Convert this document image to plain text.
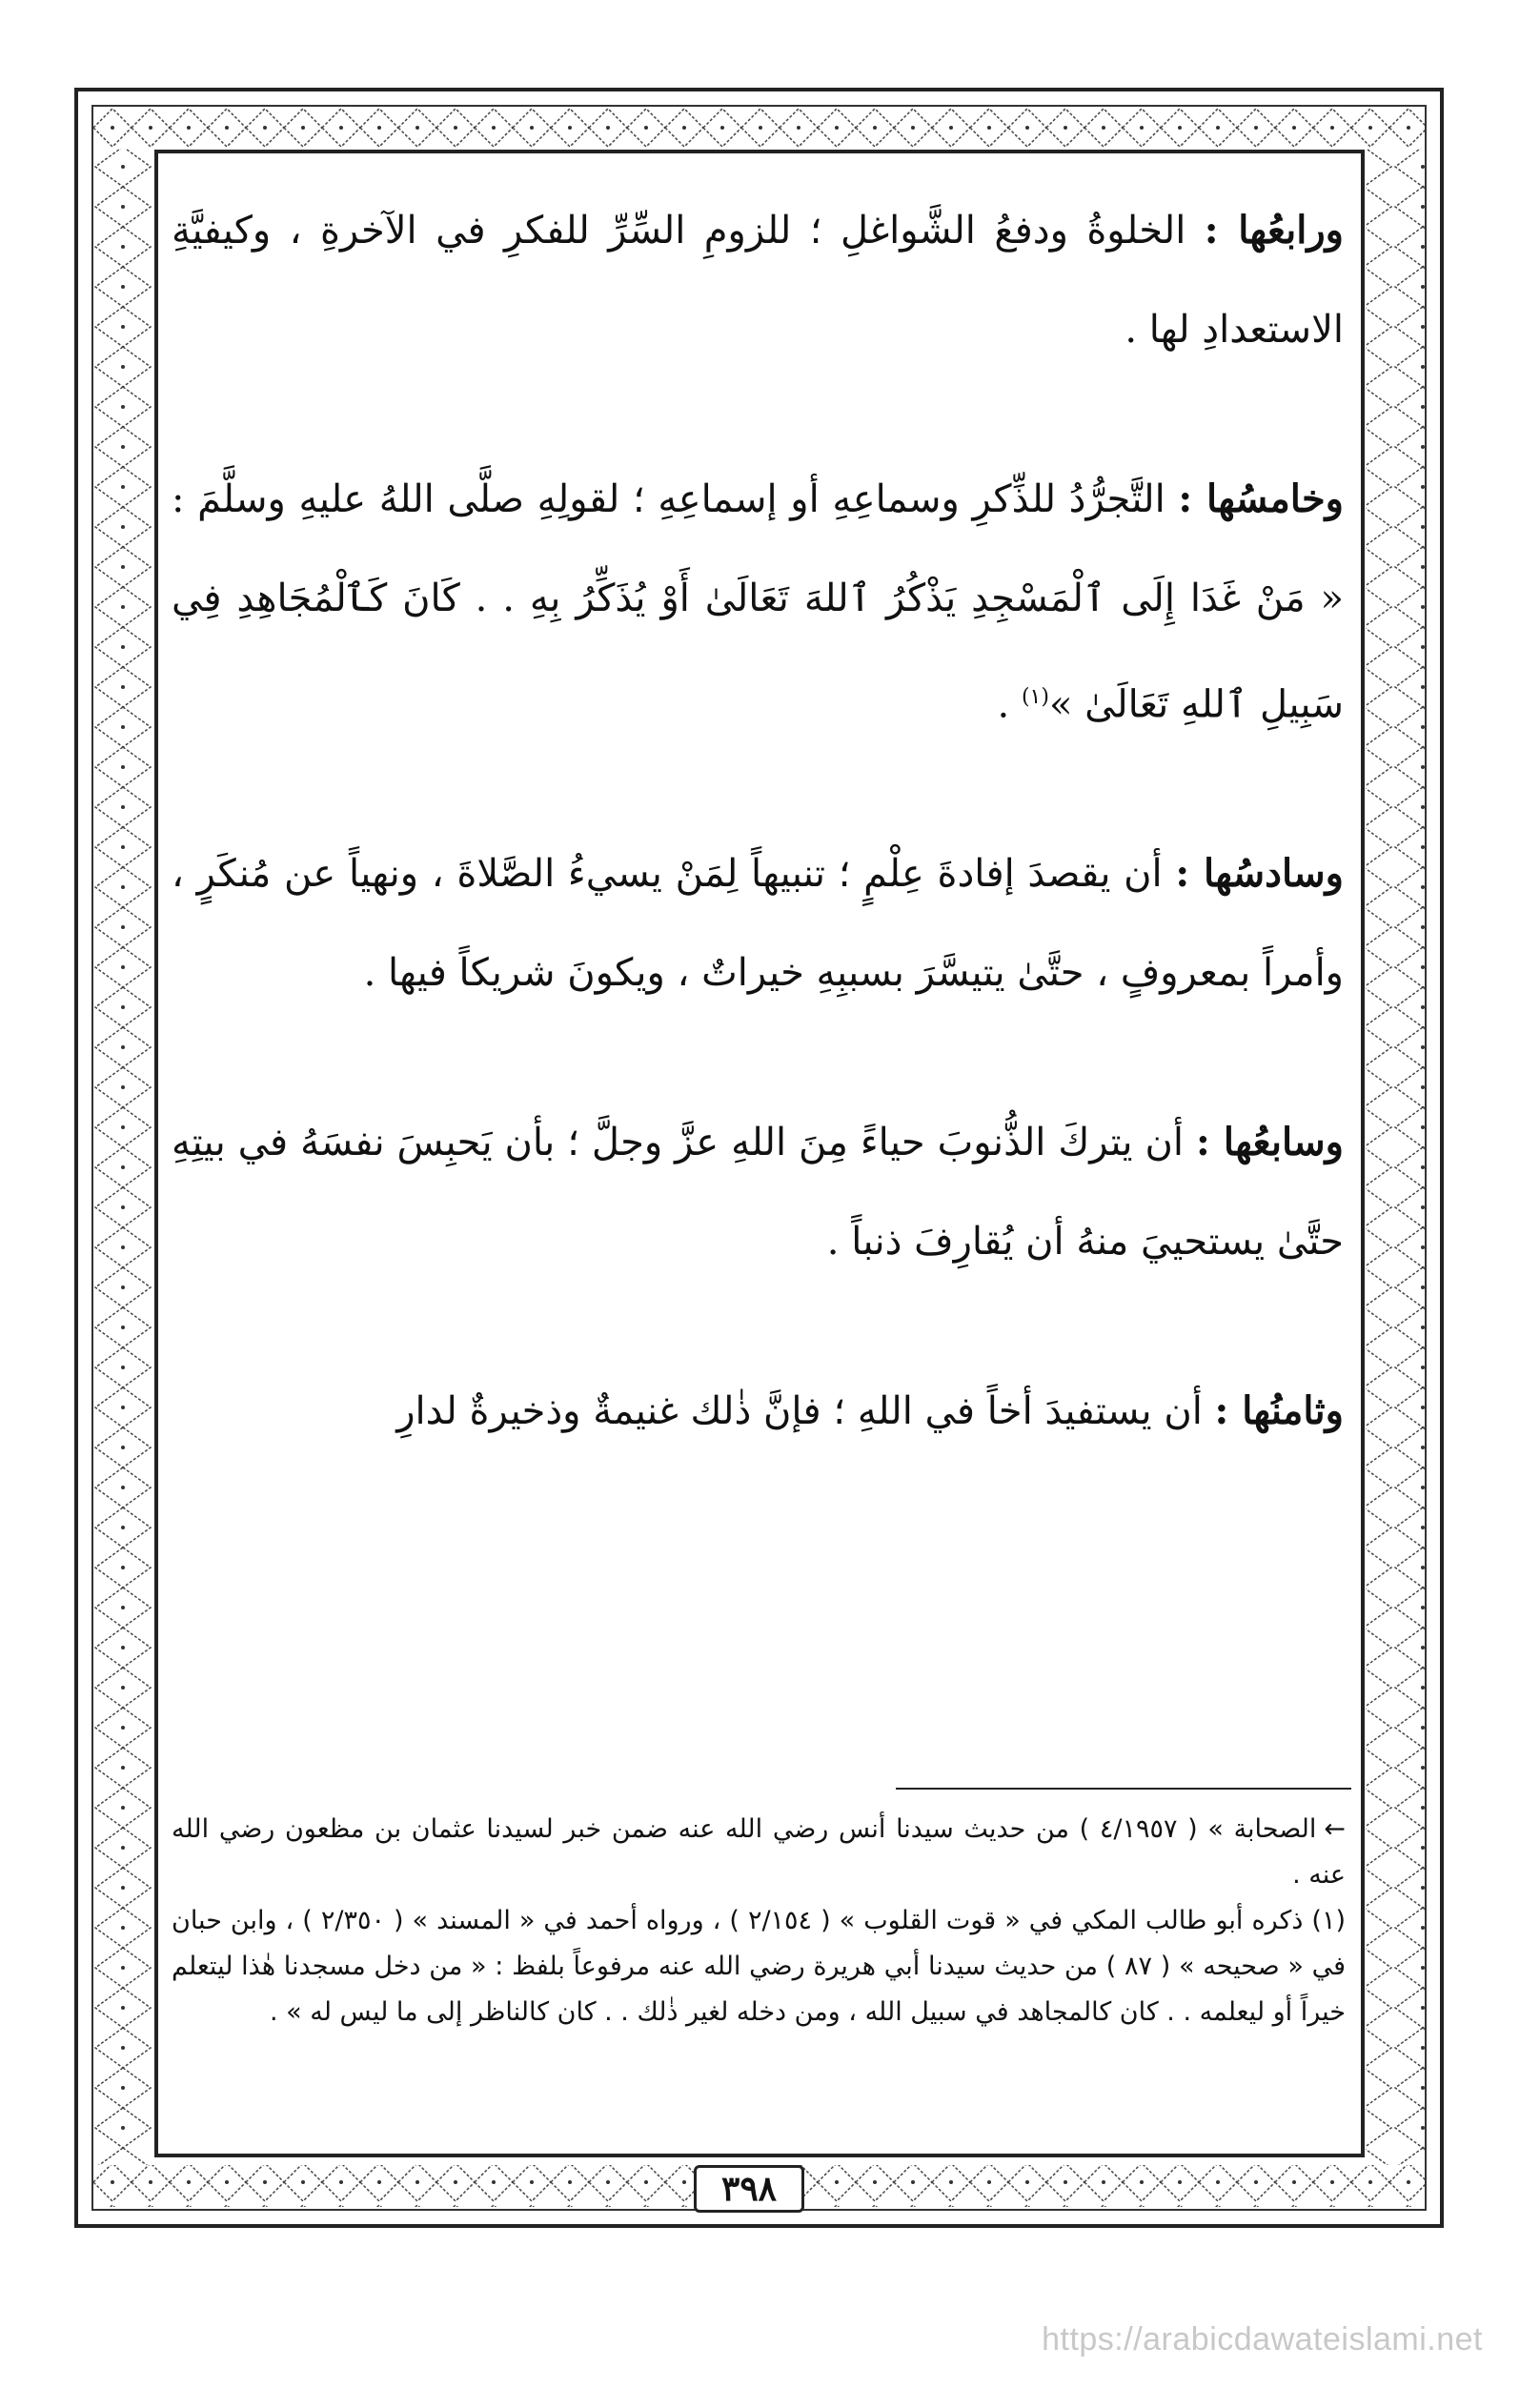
ورابعُها : الخلوةُ ودفعُ الشَّواغلِ ؛ للزومِ السِّرِّ للفكرِ في الآخرةِ ، وكيفيَّةِ الاستعدادِ لها .

وخامسُها : التَّجرُّدُ للذِّكرِ وسماعِهِ أو إسماعِهِ ؛ لقولِهِ صلَّى اللهُ عليهِ وسلَّمَ : « مَنْ غَدَا إِلَى ٱلْمَسْجِدِ يَذْكُرُ ٱللهَ تَعَالَىٰ أَوْ يُذَكِّرُ بِهِ . . كَانَ كَٱلْمُجَاهِدِ فِي سَبِيلِ ٱللهِ تَعَالَىٰ »$^{(١)}$ .

وسادسُها : أن يقصدَ إفادةَ عِلْمٍ ؛ تنبيهاً لِمَنْ يسيءُ الصَّلاةَ ، ونهياً عن مُنكَرٍ ، وأمراً بمعروفٍ ، حتَّىٰ يتيسَّرَ بسببِهِ خيراتٌ ، ويكونَ شريكاً فيها .

وسابعُها : أن يتركَ الذُّنوبَ حياءً مِنَ اللهِ عزَّ وجلَّ ؛ بأن يَحبِسَ نفسَهُ في بيتِهِ حتَّىٰ يستحييَ منهُ أن يُقارِفَ ذنباً .

وثامنُها : أن يستفيدَ أخاً في اللهِ ؛ فإنَّ ذٰلك غنيمةٌ وذخيرةٌ لدارِ

←الصحابة » ( ٤/١٩٥٧ ) من حديث سيدنا أنس رضي الله عنه ضمن خبر لسيدنا عثمان بن مظعون رضي الله عنه .

(١) ذكره أبو طالب المكي في « قوت القلوب » ( ٢/١٥٤ ) ، ورواه أحمد في « المسند » ( ٢/٣٥٠ ) ، وابن حبان في « صحيحه » ( ٨٧ ) من حديث سيدنا أبي هريرة رضي الله عنه مرفوعاً بلفظ : « من دخل مسجدنا هٰذا ليتعلم خيراً أو ليعلمه . . كان كالمجاهد في سبيل الله ، ومن دخله لغير ذٰلك . . كان كالناظر إلى ما ليس له » .

٣٩٨
https://arabicdawateislami.net
